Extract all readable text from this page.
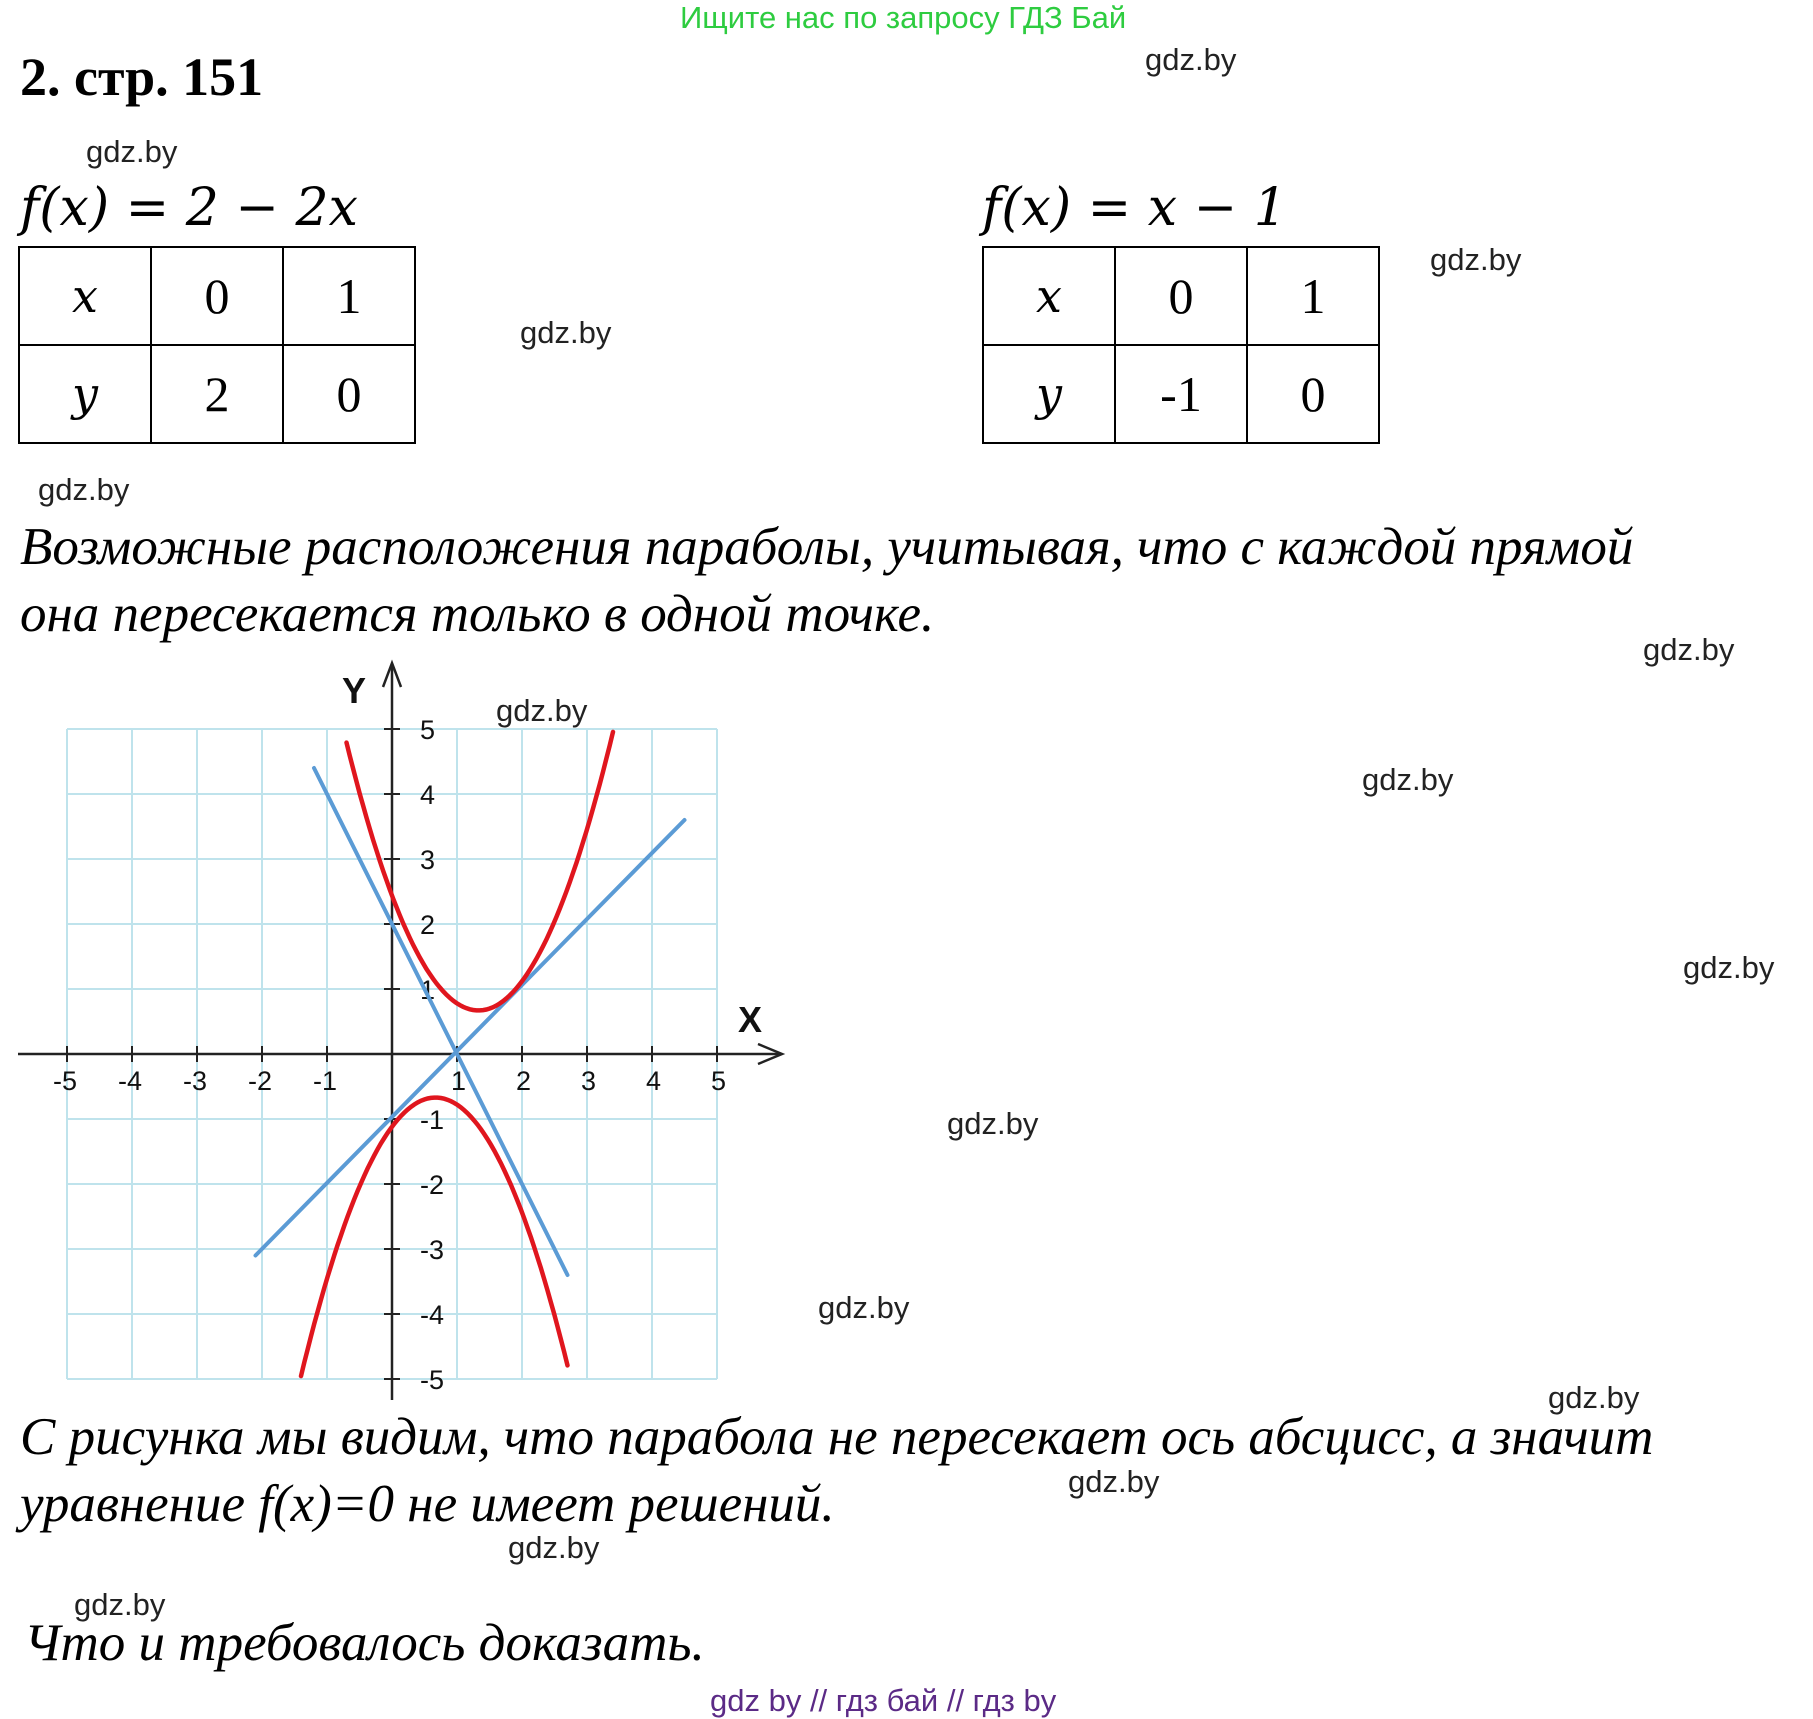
Ищите нас по запросу ГДЗ Бай
2. стр. 151	gdz.by
gdz.by
gdz.by
gdz.by
gdz.by
gdz.by
gdz.by
gdz.by
gdz.by
gdz.by
gdz.by
gdz.by
gdz.by
gdz.by
gdz.by
f(x) = 2 − 2x
x	0	1
y	2	0
f(x) = x − 1
x	0	1
y	-1	0
Возможные расположения параболы, учитывая, что с каждой прямой
она пересекается только в одной точке.
-5 -4 -3 -2 -1	1 2 3 4 5
5
4
3
2
1
-1
-2
-3
-4
-5
X
Y
С рисунка мы видим, что парабола не пересекает ось абсцисс, а значит
уравнение f(x)=0 не имеет решений.
Что и требовалось доказать.
gdz by // гдз бай // гдз by
